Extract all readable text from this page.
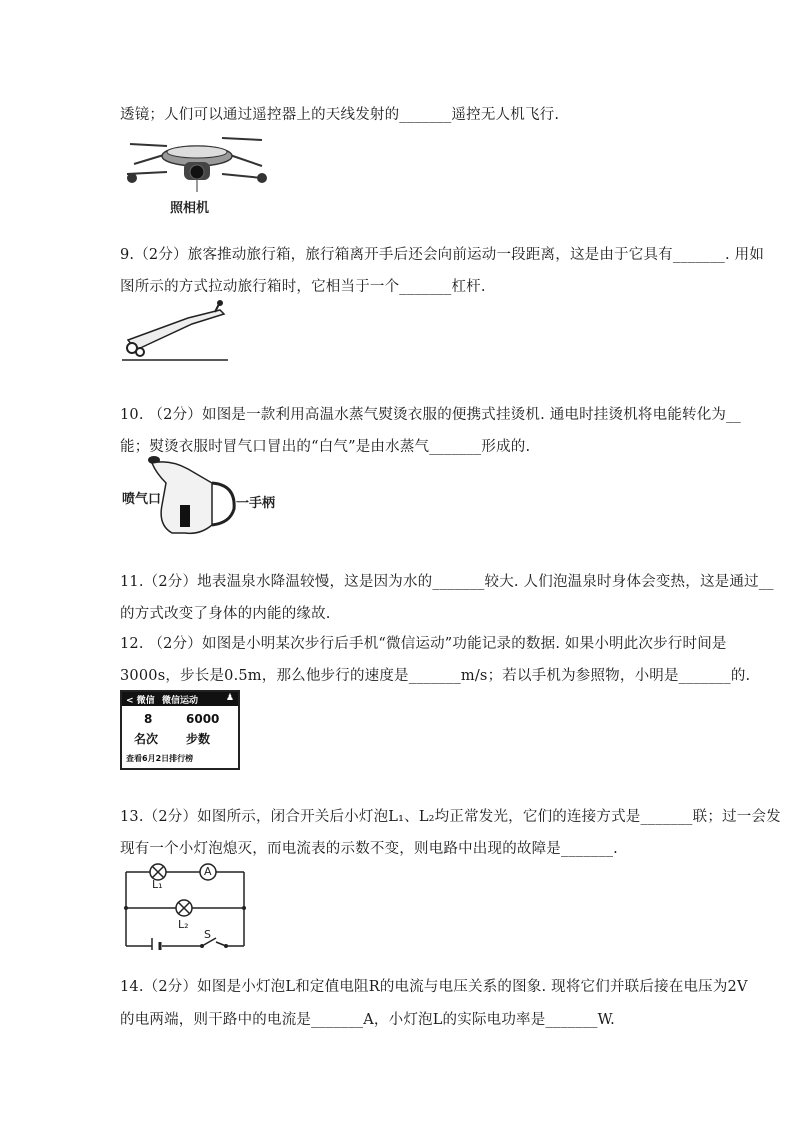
透镜；人们可以通过遥控器上的天线发射的_______遥控无人机飞行.
照相机
9.（2分）旅客推动旅行箱，旅行箱离开手后还会向前运动一段距离，这是由于它具有_______. 用如
图所示的方式拉动旅行箱时，它相当于一个_______杠杆.
10. （2分）如图是一款利用高温水蒸气熨烫衣服的便携式挂烫机. 通电时挂烫机将电能转化为__
能；熨烫衣服时冒气口冒出的“白气”是由水蒸气_______形成的.
喷气口	一手柄
11.（2分）地表温泉水降温较慢，这是因为水的_______较大. 人们泡温泉时身体会变热，这是通过__
的方式改变了身体的内能的缘故.
12. （2分）如图是小明某次步行后手机“微信运动”功能记录的数据. 如果小明此次步行时间是
3000s，步长是0.5m，那么他步行的速度是_______m/s；若以手机为参照物，小明是_______的.
< 微信 微信运动	♟
8	6000
名次 步数
查看6月2日排行榜
13.（2分）如图所示，闭合开关后小灯泡L₁、L₂均正常发光，它们的连接方式是_______联；过一会发
现有一个小灯泡熄灭，而电流表的示数不变，则电路中出现的故障是_______.
L₁
A
L₂
S
14.（2分）如图是小灯泡L和定值电阻R的电流与电压关系的图象. 现将它们并联后接在电压为2V
的电两端，则干路中的电流是_______A，小灯泡L的实际电功率是_______W.
